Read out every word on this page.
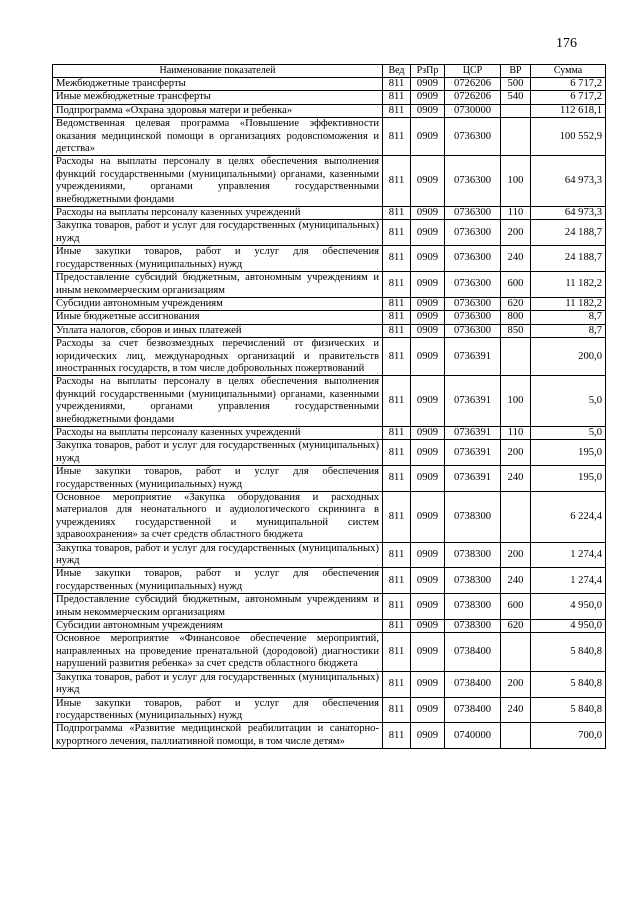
176
Наименование показателей	Вед	РзПр	ЦСР	ВР	Сумма
Межбюджетные трансферты	811	0909	0726206	500	6 717,2
Иные межбюджетные трансферты	811	0909	0726206	540	6 717,2
Подпрограмма «Охрана здоровья матери и ребенка»	811	0909	0730000		112 618,1
Ведомственная целевая программа «Повышение эффективности оказания медицинской помощи в организациях родовспоможения и детства»	811	0909	0736300		100 552,9
Расходы на выплаты персоналу в целях обеспечения выполнения функций государственными (муниципальными) органами, казенными учреждениями, органами управления государственными внебюджетными фондами	811	0909	0736300	100	64 973,3
Расходы на выплаты персоналу казенных учреждений	811	0909	0736300	110	64 973,3
Закупка товаров, работ и услуг для государственных (муниципальных) нужд	811	0909	0736300	200	24 188,7
Иные закупки товаров, работ и услуг для обеспечения государственных (муниципальных) нужд	811	0909	0736300	240	24 188,7
Предоставление субсидий бюджетным, автономным учреждениям и иным некоммерческим организациям	811	0909	0736300	600	11 182,2
Субсидии автономным учреждениям	811	0909	0736300	620	11 182,2
Иные бюджетные ассигнования	811	0909	0736300	800	8,7
Уплата налогов, сборов и иных платежей	811	0909	0736300	850	8,7
Расходы за счет безвозмездных перечислений от физических и юридических лиц, международных организаций и правительств иностранных государств, в том числе добровольных пожертвований	811	0909	0736391		200,0
Расходы на выплаты персоналу в целях обеспечения выполнения функций государственными (муниципальными) органами, казенными учреждениями, органами управления государственными внебюджетными фондами	811	0909	0736391	100	5,0
Расходы на выплаты персоналу казенных учреждений	811	0909	0736391	110	5,0
Закупка товаров, работ и услуг для государственных (муниципальных) нужд	811	0909	0736391	200	195,0
Иные закупки товаров, работ и услуг для обеспечения государственных (муниципальных) нужд	811	0909	0736391	240	195,0
Основное мероприятие «Закупка оборудования и расходных материалов для неонатального и аудиологического скрининга в учреждениях государственной и муниципальной систем здравоохранения» за счет средств областного бюджета	811	0909	0738300		6 224,4
Закупка товаров, работ и услуг для государственных (муниципальных) нужд	811	0909	0738300	200	1 274,4
Иные закупки товаров, работ и услуг для обеспечения государственных (муниципальных) нужд	811	0909	0738300	240	1 274,4
Предоставление субсидий бюджетным, автономным учреждениям и иным некоммерческим организациям	811	0909	0738300	600	4 950,0
Субсидии автономным учреждениям	811	0909	0738300	620	4 950,0
Основное мероприятие «Финансовое обеспечение мероприятий, направленных на проведение пренатальной (дородовой) диагностики нарушений развития ребенка» за счет средств областного бюджета	811	0909	0738400		5 840,8
Закупка товаров, работ и услуг для государственных (муниципальных) нужд	811	0909	0738400	200	5 840,8
Иные закупки товаров, работ и услуг для обеспечения государственных (муниципальных) нужд	811	0909	0738400	240	5 840,8
Подпрограмма «Развитие медицинской реабилитации и санаторно-курортного лечения, паллиативной помощи, в том числе детям»	811	0909	0740000		700,0
